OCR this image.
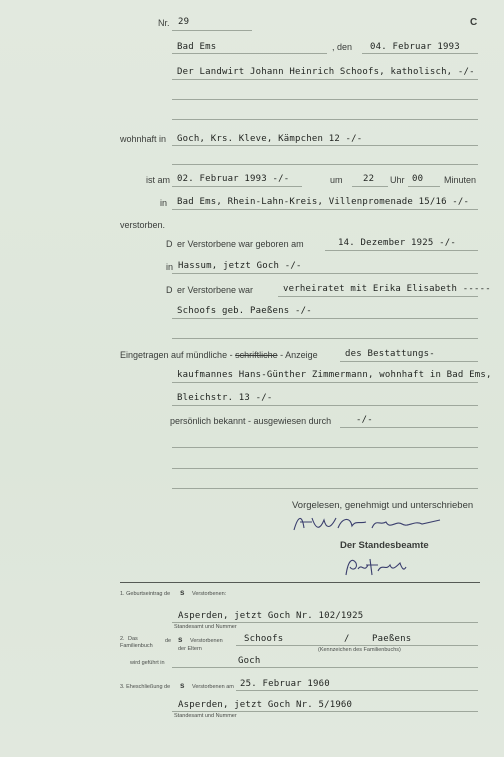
Nr. 29	C
Bad Ems	, den 04. Februar 1993
Der Landwirt Johann Heinrich Schoofs, katholisch, -/-
wohnhaft in Goch, Krs. Kleve, Kämpchen 12 -/-
ist am 02. Februar 1993 -/-	um 22 Uhr 00 Minuten
in Bad Ems, Rhein-Lahn-Kreis, Villenpromenade 15/16 -/-
verstorben.
D er Verstorbene war geboren am	14. Dezember 1925 -/-
in Hassum, jetzt Goch -/-
D er Verstorbene war	verheiratet mit Erika Elisabeth -----
Schoofs geb. Paeßens -/-
Eingetragen auf mündliche - schriftliche - Anzeige	des Bestattungs-
kaufmannes Hans-Günther Zimmermann, wohnhaft in Bad Ems,
Bleichstr. 13 -/-
persönlich bekannt - ausgewiesen durch	-/-
Vorgelesen, genehmigt und unterschrieben
Der Standesbeamte
1. Geburtseintrag de s Verstorbenen:
Asperden, jetzt Goch Nr. 102/1925
Standesamt und Nummer
2. Das
Familienbuch
de s Verstorbenen Schoofs	/ Paeßens
der Eltern	(Kennzeichen des Familienbuchs)
wird geführt in	Goch
3. Eheschließung de s Verstorbenen am 25. Februar 1960
Asperden, jetzt Goch Nr. 5/1960
Standesamt und Nummer
